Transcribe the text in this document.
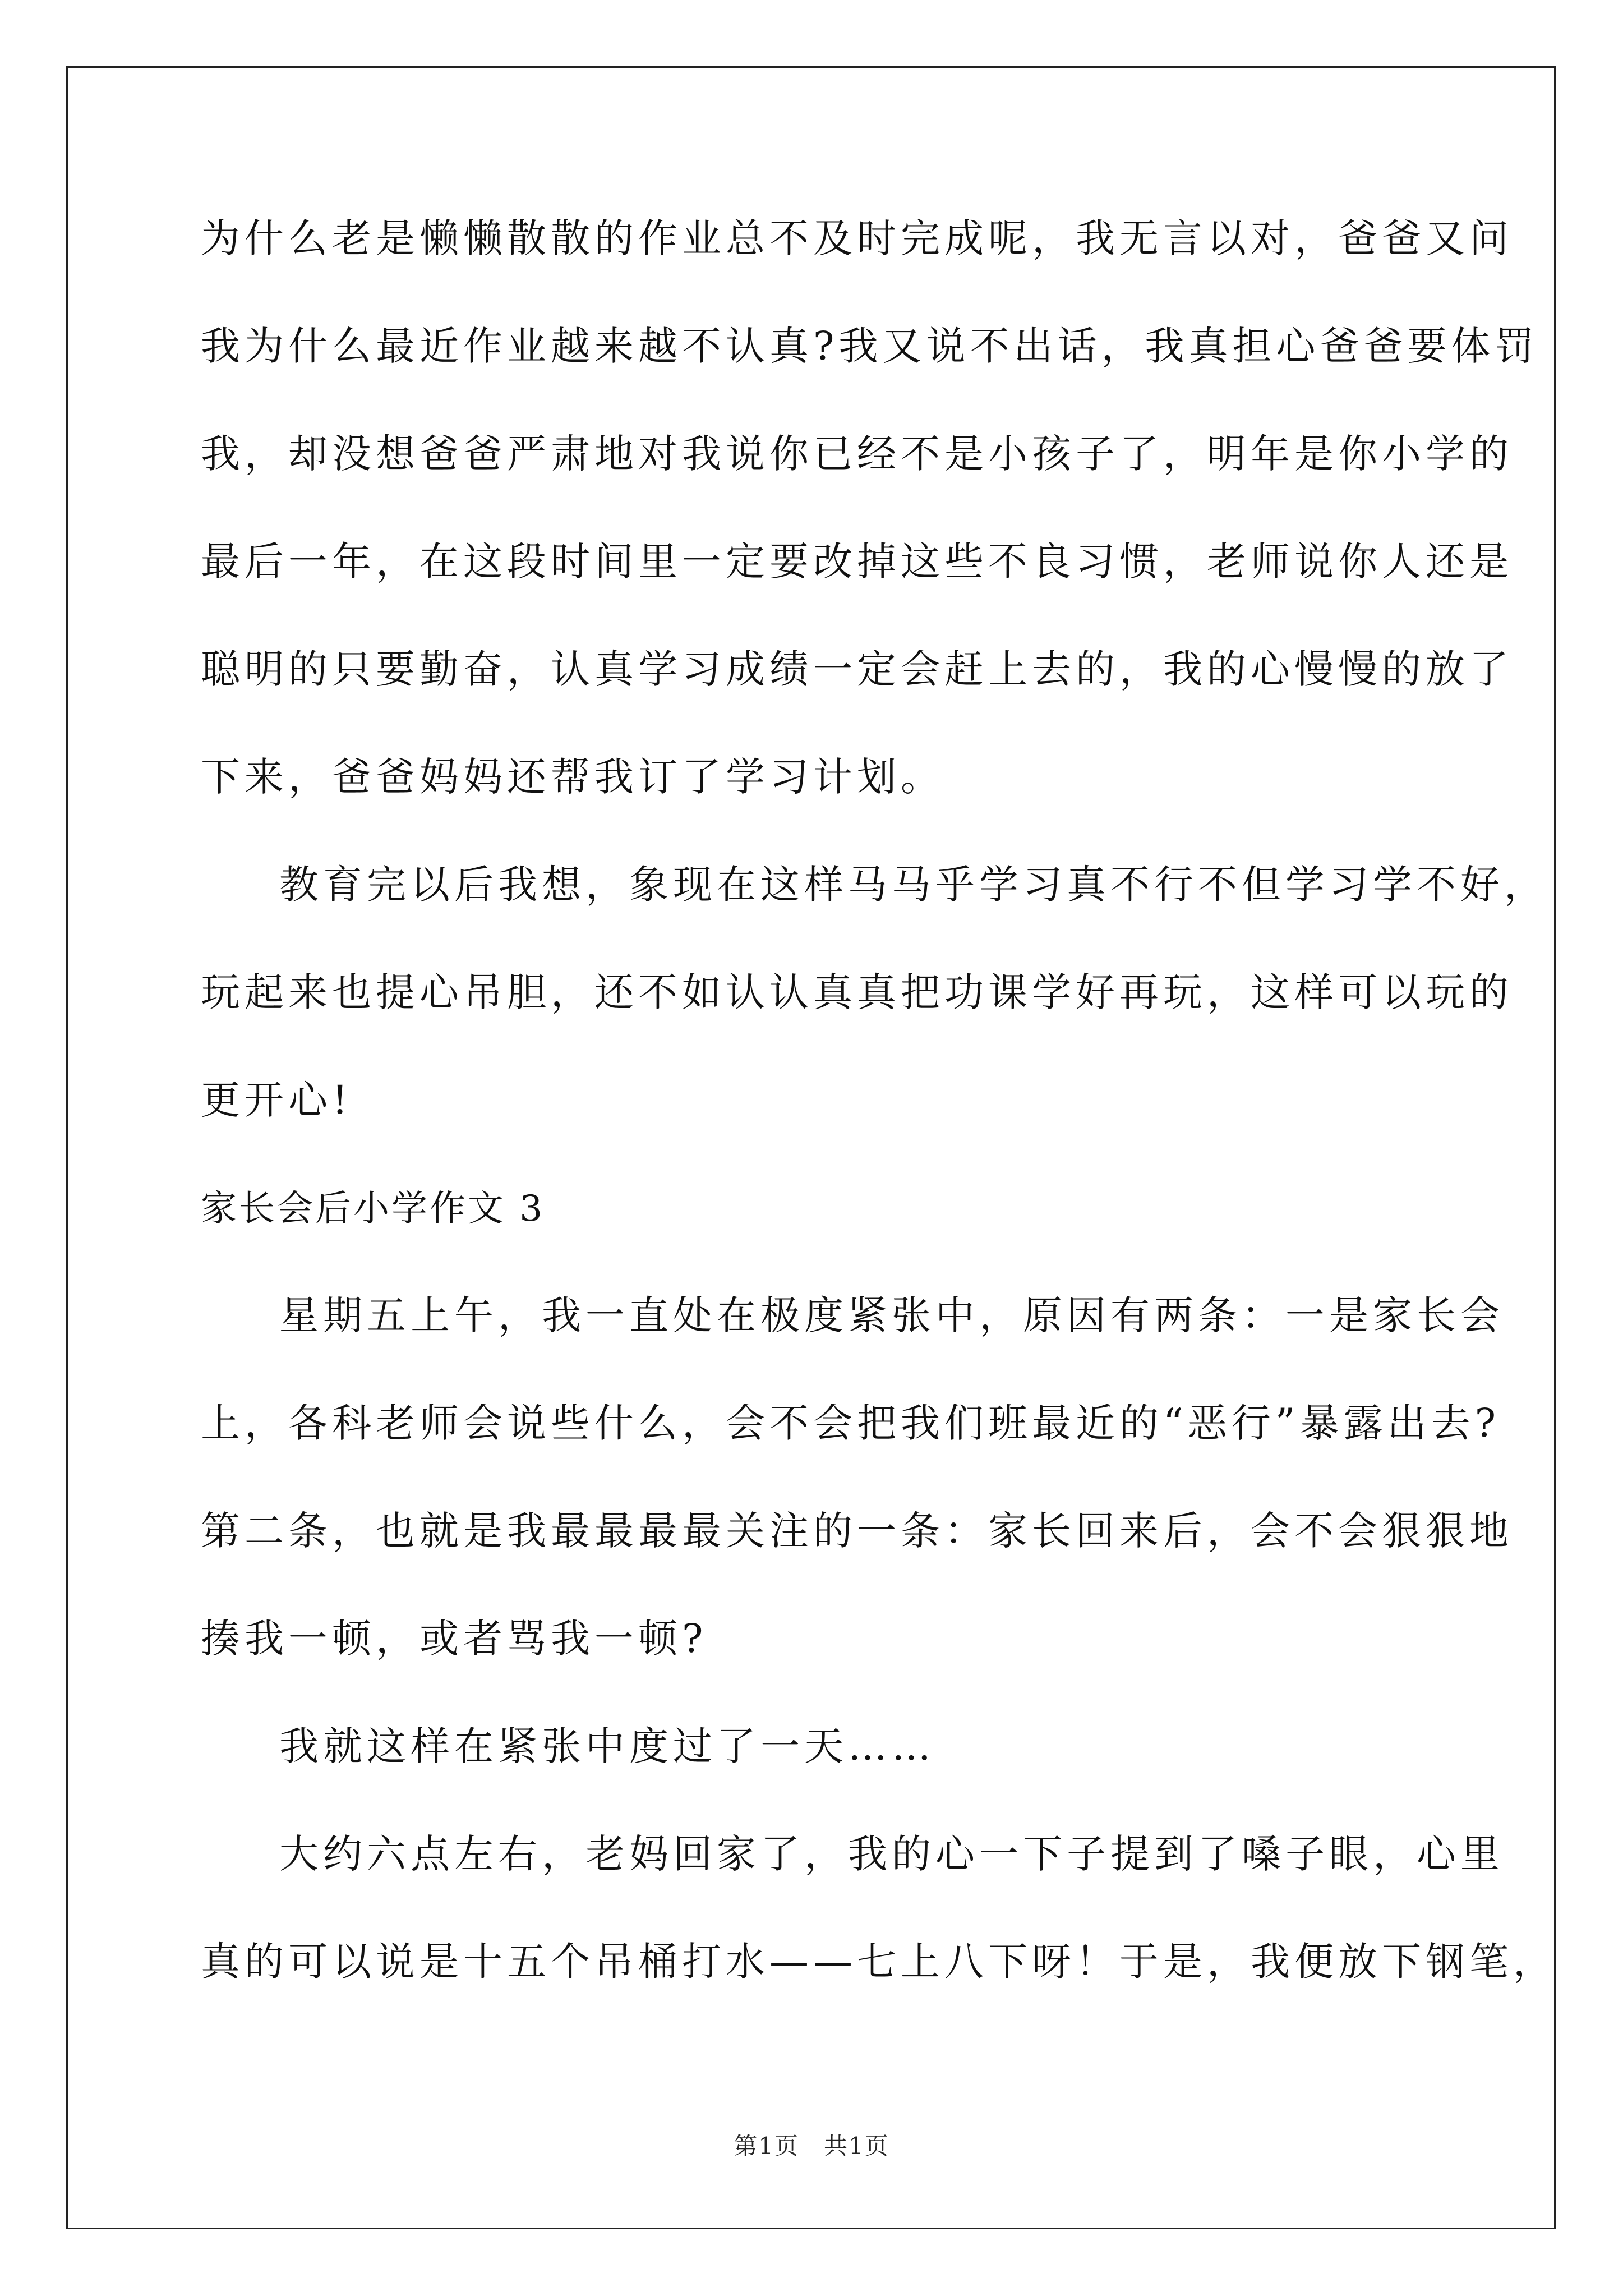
为什么老是懒懒散散的作业总不及时完成呢，我无言以对，爸爸又问
我为什么最近作业越来越不认真?我又说不出话，我真担心爸爸要体罚
我，却没想爸爸严肃地对我说你已经不是小孩子了，明年是你小学的
最后一年，在这段时间里一定要改掉这些不良习惯，老师说你人还是
聪明的只要勤奋，认真学习成绩一定会赶上去的，我的心慢慢的放了
下来，爸爸妈妈还帮我订了学习计划。
教育完以后我想，象现在这样马马乎学习真不行不但学习学不好，
玩起来也提心吊胆，还不如认认真真把功课学好再玩，这样可以玩的
更开心!
家长会后小学作文 3
星期五上午，我一直处在极度紧张中，原因有两条：一是家长会
上，各科老师会说些什么，会不会把我们班最近的“恶行”暴露出去?
第二条，也就是我最最最最关注的一条：家长回来后，会不会狠狠地
揍我一顿，或者骂我一顿?
我就这样在紧张中度过了一天……
大约六点左右，老妈回家了，我的心一下子提到了嗓子眼，心里
真的可以说是十五个吊桶打水——七上八下呀！于是，我便放下钢笔，
第1页　共1页
